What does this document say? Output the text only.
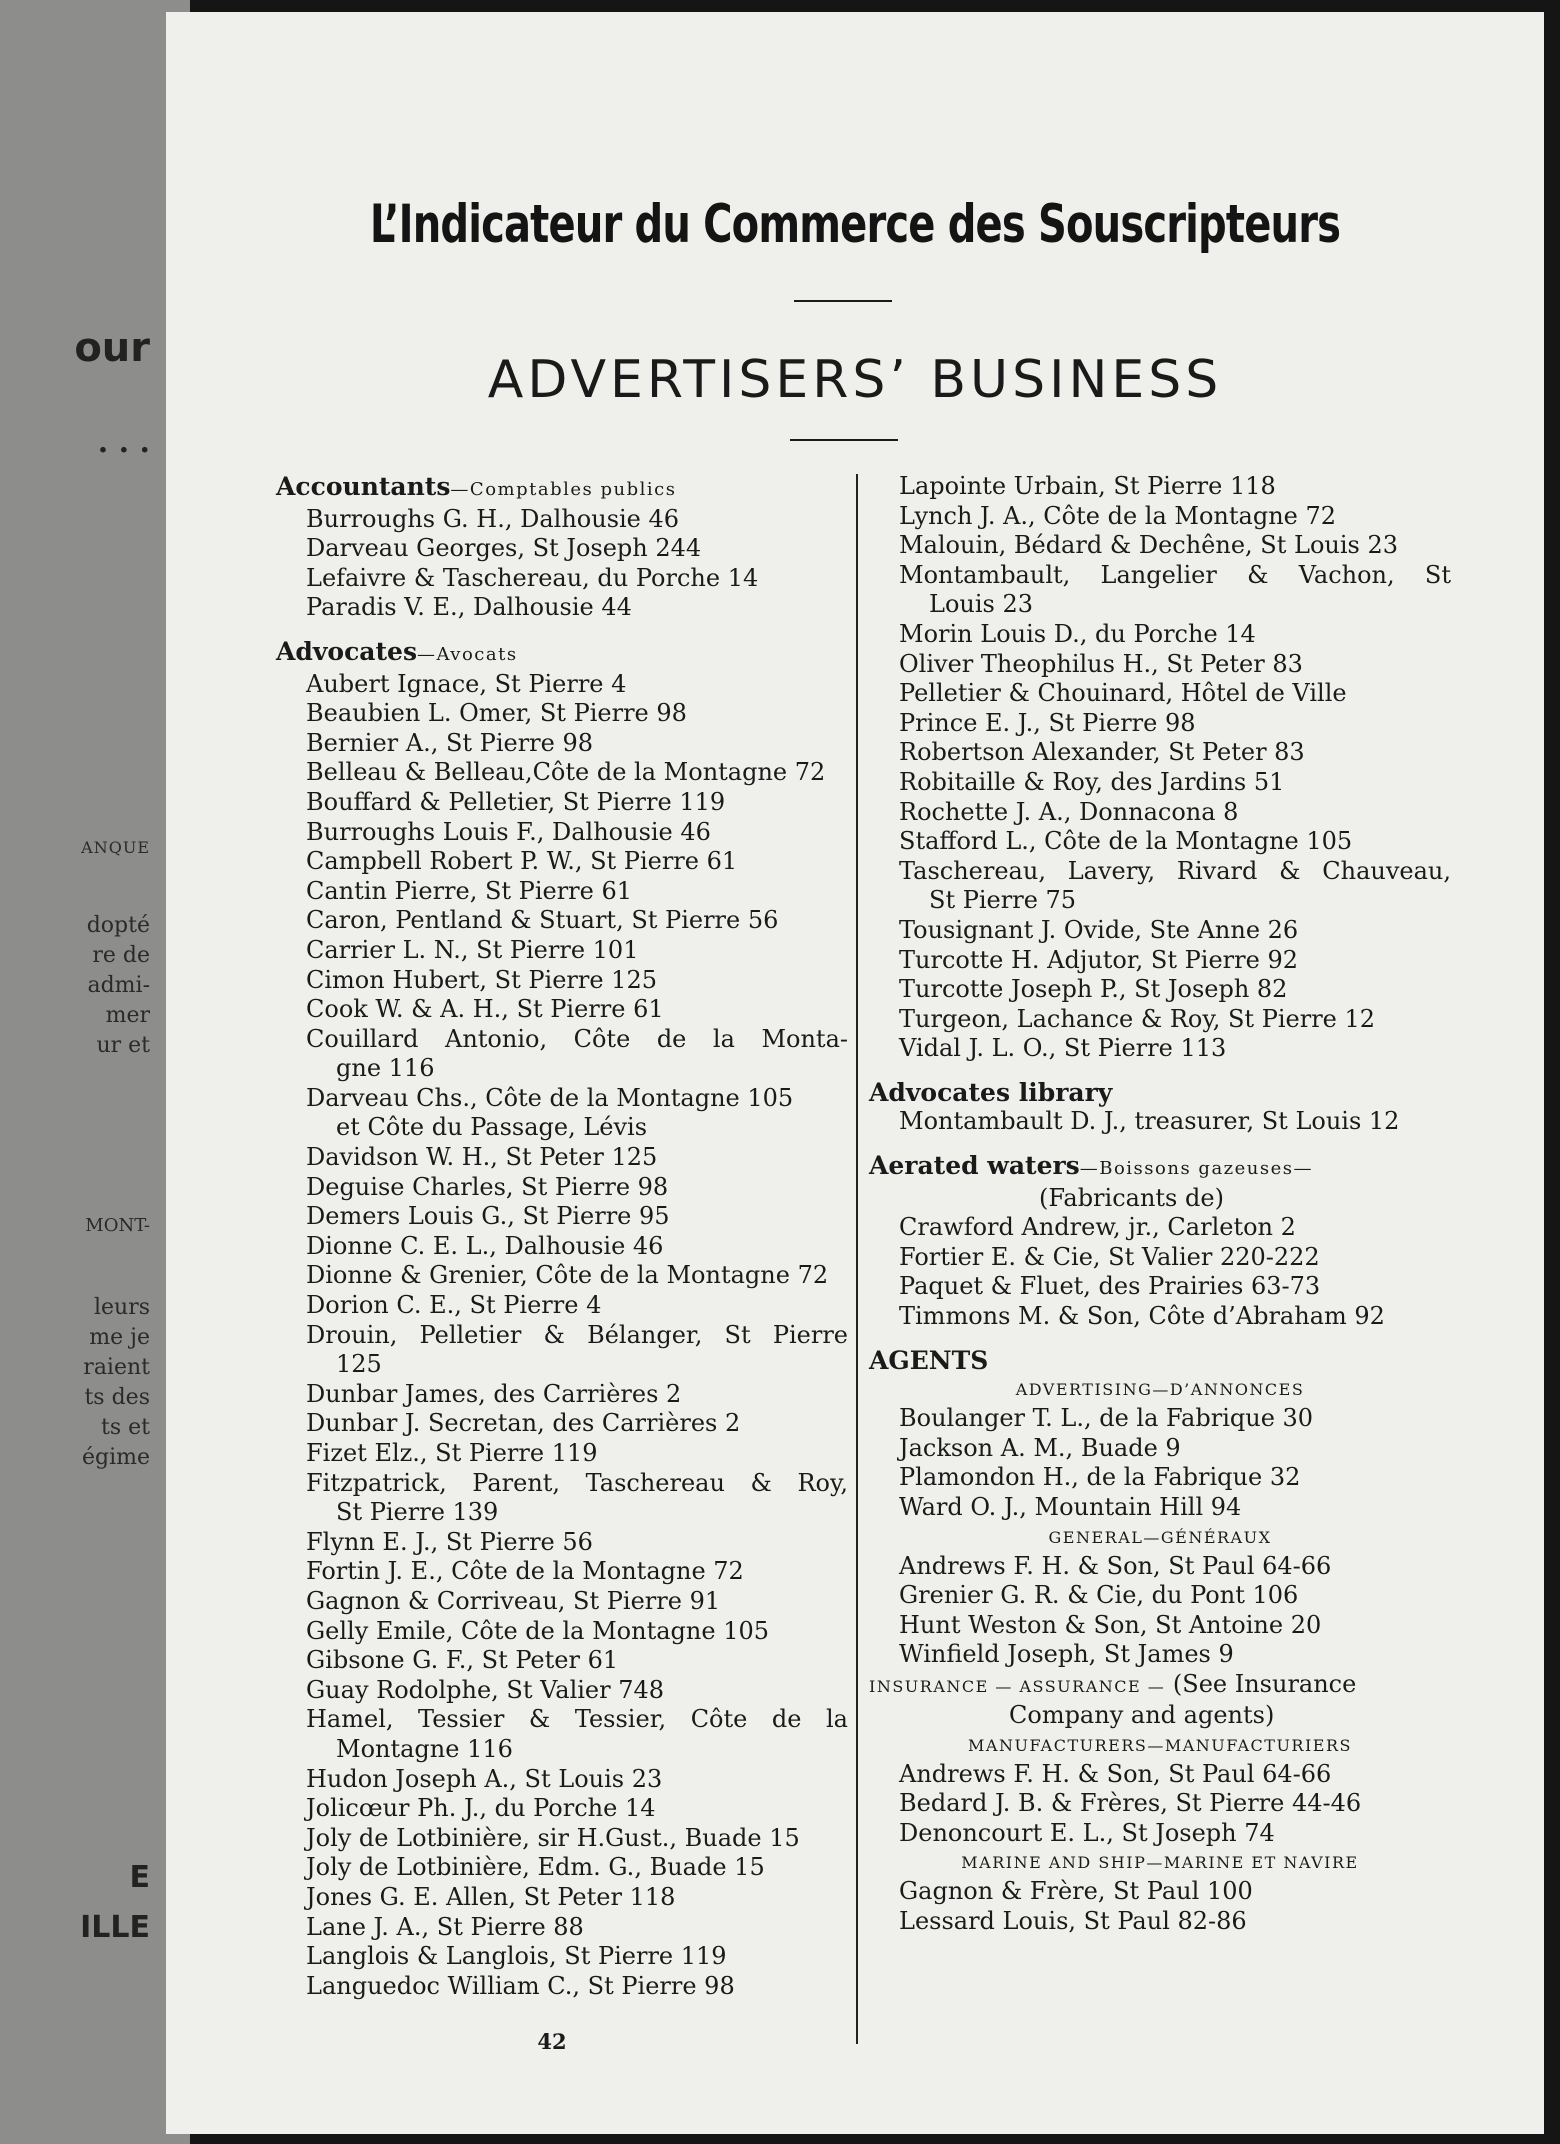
our
. . .
ANQUE
dopté
re de
admi-
mer
ur et
MONT-
leurs
me je
raient
ts des
ts et
égime
E
ILLE
L’Indicateur du Commerce des Souscripteurs
ADVERTISERS’ BUSINESS
Accountants—Comptables publics
Burroughs G. H., Dalhousie 46
Darveau Georges, St Joseph 244
Lefaivre & Taschereau, du Porche 14
Paradis V. E., Dalhousie 44
Advocates—Avocats
Aubert Ignace, St Pierre 4
Beaubien L. Omer, St Pierre 98
Bernier A., St Pierre 98
Belleau & Belleau,Côte de la Montagne 72
Bouffard & Pelletier, St Pierre 119
Burroughs Louis F., Dalhousie 46
Campbell Robert P. W., St Pierre 61
Cantin Pierre, St Pierre 61
Caron, Pentland & Stuart, St Pierre 56
Carrier L. N., St Pierre 101
Cimon Hubert, St Pierre 125
Cook W. & A. H., St Pierre 61
Couillard Antonio, Côte de la Monta-
gne 116
Darveau Chs., Côte de la Montagne 105
et Côte du Passage, Lévis
Davidson W. H., St Peter 125
Deguise Charles, St Pierre 98
Demers Louis G., St Pierre 95
Dionne C. E. L., Dalhousie 46
Dionne & Grenier, Côte de la Montagne 72
Dorion C. E., St Pierre 4
Drouin, Pelletier & Bélanger, St Pierre
125
Dunbar James, des Carrières 2
Dunbar J. Secretan, des Carrières 2
Fizet Elz., St Pierre 119
Fitzpatrick, Parent, Taschereau & Roy,
St Pierre 139
Flynn E. J., St Pierre 56
Fortin J. E., Côte de la Montagne 72
Gagnon & Corriveau, St Pierre 91
Gelly Emile, Côte de la Montagne 105
Gibsone G. F., St Peter 61
Guay Rodolphe, St Valier 748
Hamel, Tessier & Tessier, Côte de la
Montagne 116
Hudon Joseph A., St Louis 23
Jolicœur Ph. J., du Porche 14
Joly de Lotbinière, sir H.Gust., Buade 15
Joly de Lotbinière, Edm. G., Buade 15
Jones G. E. Allen, St Peter 118
Lane J. A., St Pierre 88
Langlois & Langlois, St Pierre 119
Languedoc William C., St Pierre 98
Lapointe Urbain, St Pierre 118
Lynch J. A., Côte de la Montagne 72
Malouin, Bédard & Dechêne, St Louis 23
Montambault, Langelier & Vachon, St
Louis 23
Morin Louis D., du Porche 14
Oliver Theophilus H., St Peter 83
Pelletier & Chouinard, Hôtel de Ville
Prince E. J., St Pierre 98
Robertson Alexander, St Peter 83
Robitaille & Roy, des Jardins 51
Rochette J. A., Donnacona 8
Stafford L., Côte de la Montagne 105
Taschereau, Lavery, Rivard & Chauveau,
St Pierre 75
Tousignant J. Ovide, Ste Anne 26
Turcotte H. Adjutor, St Pierre 92
Turcotte Joseph P., St Joseph 82
Turgeon, Lachance & Roy, St Pierre 12
Vidal J. L. O., St Pierre 113
Advocates library
Montambault D. J., treasurer, St Louis 12
Aerated waters—Boissons gazeuses—
(Fabricants de)
Crawford Andrew, jr., Carleton 2
Fortier E. & Cie, St Valier 220-222
Paquet & Fluet, des Prairies 63-73
Timmons M. & Son, Côte d’Abraham 92
AGENTS
ADVERTISING—D’ANNONCES
Boulanger T. L., de la Fabrique 30
Jackson A. M., Buade 9
Plamondon H., de la Fabrique 32
Ward O. J., Mountain Hill 94
GENERAL—GÉNÉRAUX
Andrews F. H. & Son, St Paul 64-66
Grenier G. R. & Cie, du Pont 106
Hunt Weston & Son, St Antoine 20
Winfield Joseph, St James 9
INSURANCE — ASSURANCE — (See Insurance
Company and agents)
MANUFACTURERS—MANUFACTURIERS
Andrews F. H. & Son, St Paul 64-66
Bedard J. B. & Frères, St Pierre 44-46
Denoncourt E. L., St Joseph 74
MARINE AND SHIP—MARINE ET NAVIRE
Gagnon & Frère, St Paul 100
Lessard Louis, St Paul 82-86
42
